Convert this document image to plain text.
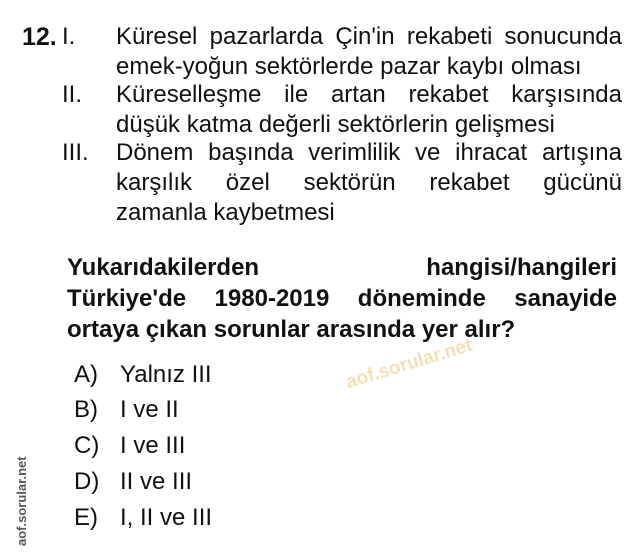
12. I. Küresel pazarlarda Çin'in rekabeti sonucunda
emek-yoğun sektörlerde pazar kaybı olması
II. Küreselleşme ile artan rekabet karşısında
düşük katma değerli sektörlerin gelişmesi
III. Dönem başında verimlilik ve ihracat artışına
karşılık özel sektörün rekabet gücünü
zamanla kaybetmesi
Yukarıdakilerden hangisi/hangileri
Türkiye'de 1980-2019 döneminde sanayide
ortaya çıkan sorunlar arasında yer alır?
A) Yalnız III
B) I ve II
C) I ve III
D) II ve III
E) I, II ve III
aof.sorular.net
aof.sorular.net
